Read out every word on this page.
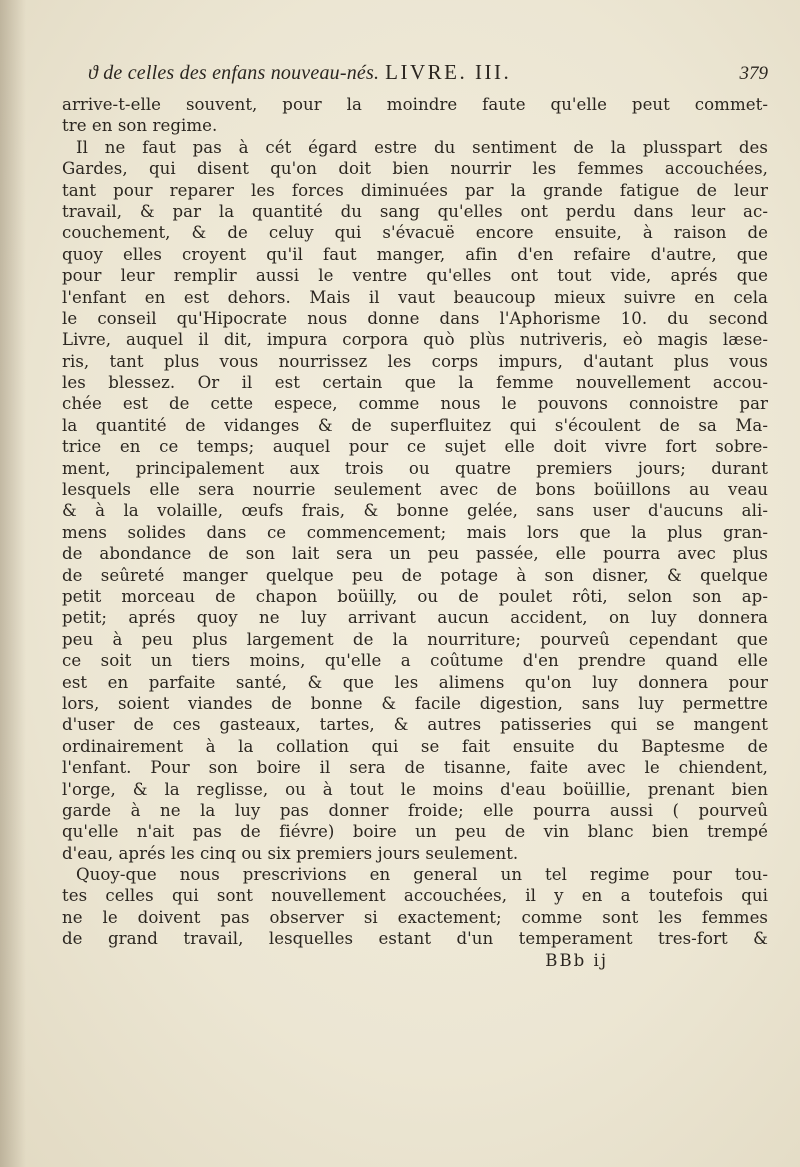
ϑ de celles des enfans nouveau-nés. LIVRE. III.	379
arrive-t-elle souvent, pour la moindre faute qu'elle peut commet-
tre en son regime.
Il ne faut pas à cét égard estre du sentiment de la plusspart des
Gardes, qui disent qu'on doit bien nourrir les femmes accouchées,
tant pour reparer les forces diminuées par la grande fatigue de leur
travail, & par la quantité du sang qu'elles ont perdu dans leur ac-
couchement, & de celuy qui s'évacuë encore ensuite, à raison de
quoy elles croyent qu'il faut manger, afin d'en refaire d'autre, que
pour leur remplir aussi le ventre qu'elles ont tout vide, aprés que
l'enfant en est dehors. Mais il vaut beaucoup mieux suivre en cela
le conseil qu'Hipocrate nous donne dans l'Aphorisme 10. du second
Livre, auquel il dit, impura corpora quò plùs nutriveris, eò magis læse-
ris, tant plus vous nourrissez les corps impurs, d'autant plus vous
les blessez. Or il est certain que la femme nouvellement accou-
chée est de cette espece, comme nous le pouvons connoistre par
la quantité de vidanges & de superfluitez qui s'écoulent de sa Ma-
trice en ce temps; auquel pour ce sujet elle doit vivre fort sobre-
ment, principalement aux trois ou quatre premiers jours; durant
lesquels elle sera nourrie seulement avec de bons boüillons au veau
& à la volaille, œufs frais, & bonne gelée, sans user d'aucuns ali-
mens solides dans ce commencement; mais lors que la plus gran-
de abondance de son lait sera un peu passée, elle pourra avec plus
de seûreté manger quelque peu de potage à son disner, & quelque
petit morceau de chapon boüilly, ou de poulet rôti, selon son ap-
petit; aprés quoy ne luy arrivant aucun accident, on luy donnera
peu à peu plus largement de la nourriture; pourveû cependant que
ce soit un tiers moins, qu'elle a coûtume d'en prendre quand elle
est en parfaite santé, & que les alimens qu'on luy donnera pour
lors, soient viandes de bonne & facile digestion, sans luy permettre
d'user de ces gasteaux, tartes, & autres patisseries qui se mangent
ordinairement à la collation qui se fait ensuite du Baptesme de
l'enfant. Pour son boire il sera de tisanne, faite avec le chiendent,
l'orge, & la reglisse, ou à tout le moins d'eau boüillie, prenant bien
garde à ne la luy pas donner froide; elle pourra aussi ( pourveû
qu'elle n'ait pas de fiévre) boire un peu de vin blanc bien trempé
d'eau, aprés les cinq ou six premiers jours seulement.
Quoy-que nous prescrivions en general un tel regime pour tou-
tes celles qui sont nouvellement accouchées, il y en a toutefois qui
ne le doivent pas observer si exactement; comme sont les femmes
de grand travail, lesquelles estant d'un temperament tres-fort &
BBb ij
